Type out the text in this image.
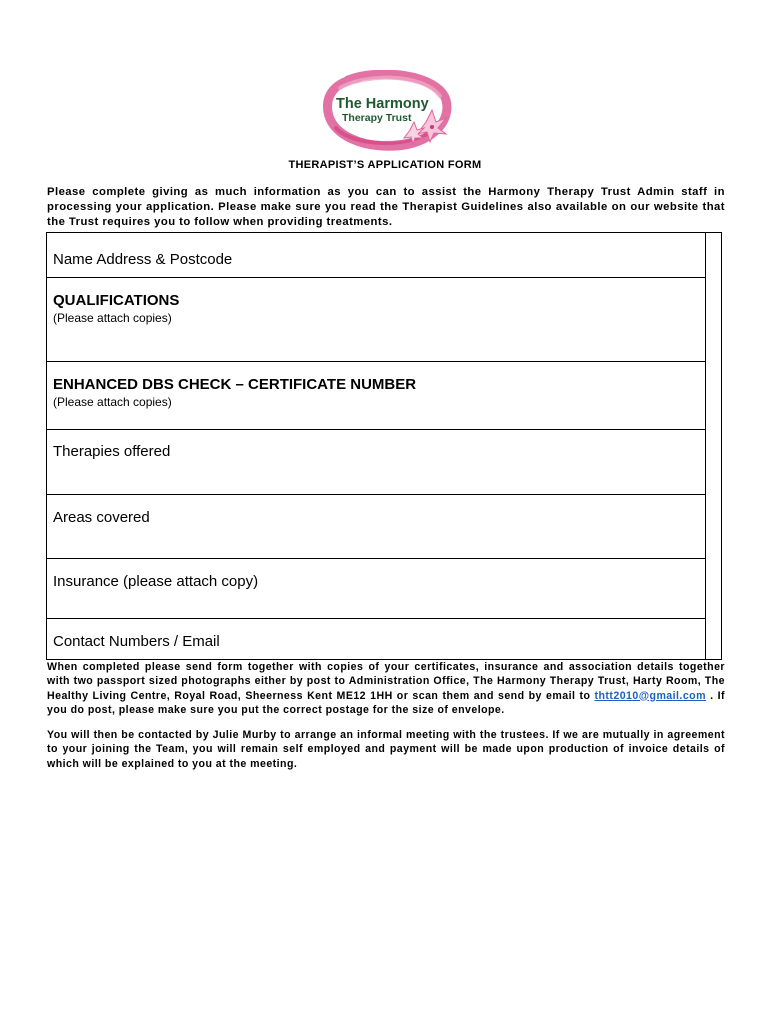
The Harmony
Therapy Trust
THERAPIST’S APPLICATION FORM

Please complete giving as much information as you can to assist the Harmony Therapy Trust Admin staff in processing your application. Please make sure you read the Therapist Guidelines also available on our website that the Trust requires you to follow when providing treatments.

Name Address & Postcode
QUALIFICATIONS
(Please attach copies)
ENHANCED DBS CHECK – CERTIFICATE NUMBER
(Please attach copies)
Therapies offered
Areas covered
Insurance (please attach copy)
Contact Numbers / Email

When completed please send form together with copies of your certificates, insurance and association details together with two passport sized photographs either by post to Administration Office, The Harmony Therapy Trust, Harty Room, The Healthy Living Centre, Royal Road, Sheerness Kent ME12 1HH or scan them and send by email to thtt2010@gmail.com . If you do post, please make sure you put the correct postage for the size of envelope.

You will then be contacted by Julie Murby to arrange an informal meeting with the trustees. If we are mutually in agreement to your joining the Team, you will remain self employed and payment will be made upon production of invoice details of which will be explained to you at the meeting.
